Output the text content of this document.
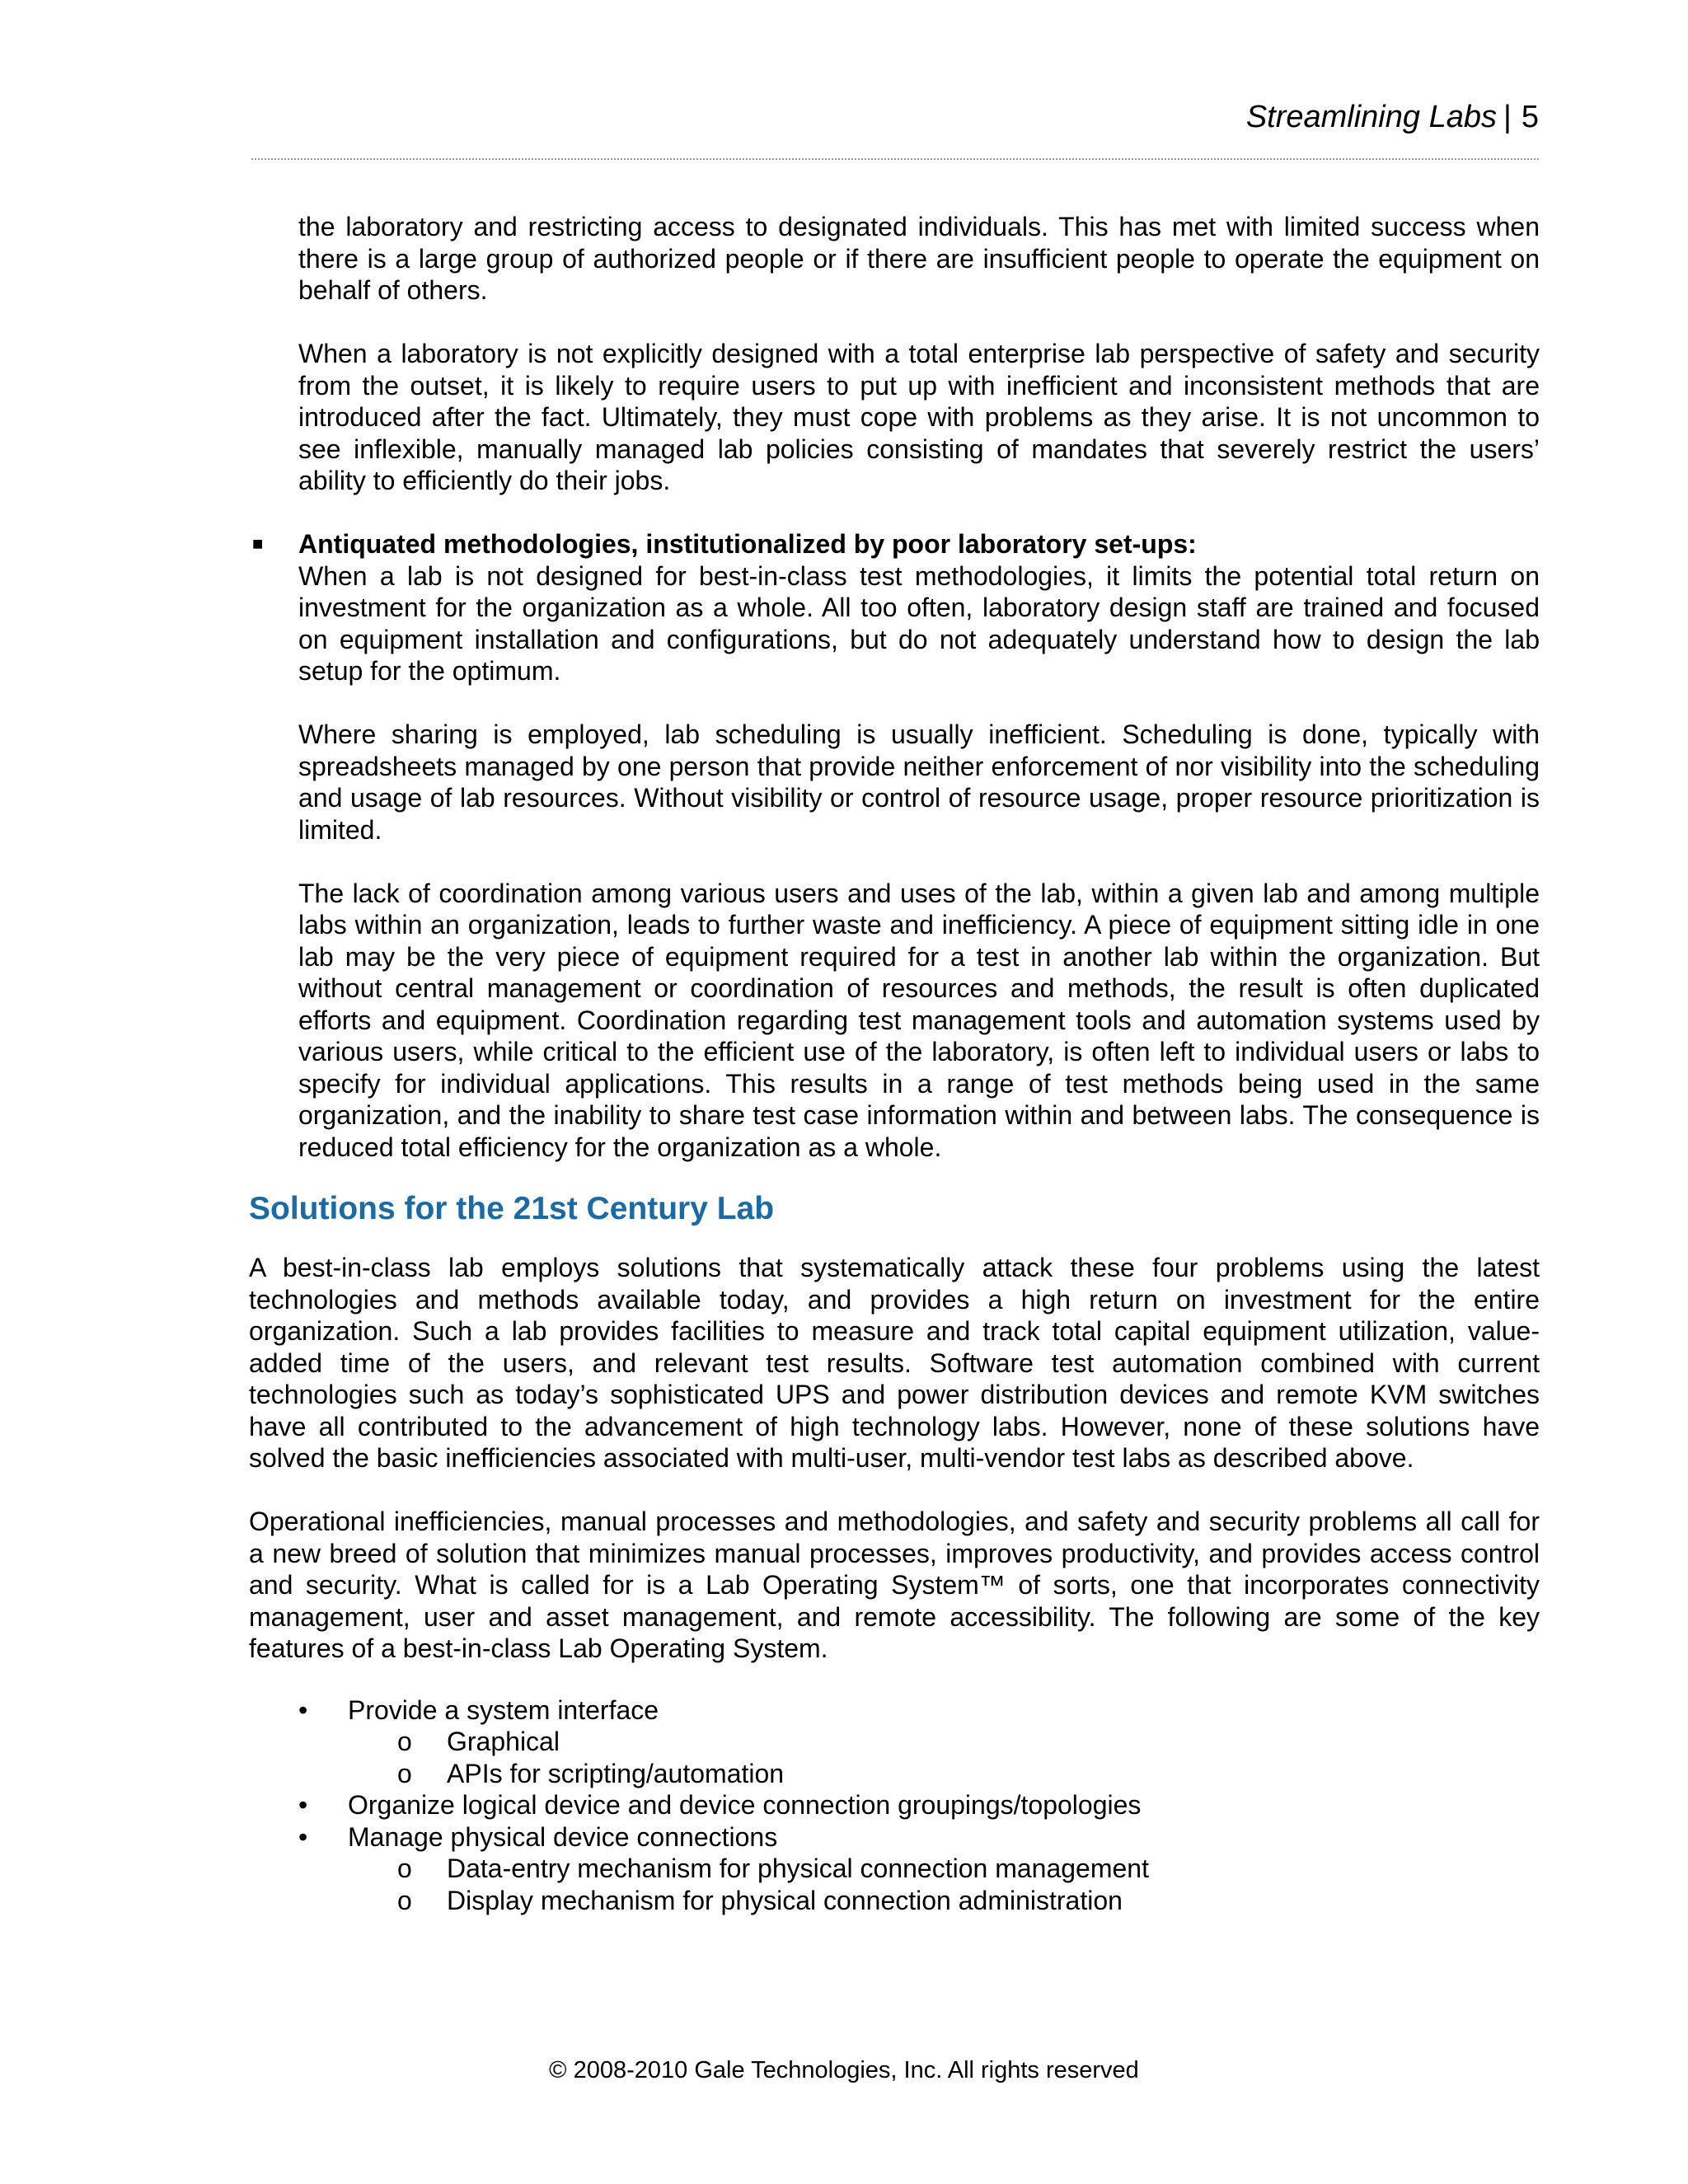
Streamlining Labs | 5

the laboratory and restricting access to designated individuals. This has met with limited success when there is a large group of authorized people or if there are insufficient people to operate the equipment on behalf of others.

When a laboratory is not explicitly designed with a total enterprise lab perspective of safety and security from the outset, it is likely to require users to put up with inefficient and inconsistent methods that are introduced after the fact. Ultimately, they must cope with problems as they arise. It is not uncommon to see inflexible, manually managed lab policies consisting of mandates that severely restrict the users’ ability to efficiently do their jobs.

■ Antiquated methodologies, institutionalized by poor laboratory set-ups:

When a lab is not designed for best-in-class test methodologies, it limits the potential total return on investment for the organization as a whole. All too often, laboratory design staff are trained and focused on equipment installation and configurations, but do not adequately understand how to design the lab setup for the optimum.

Where sharing is employed, lab scheduling is usually inefficient. Scheduling is done, typically with spreadsheets managed by one person that provide neither enforcement of nor visibility into the scheduling and usage of lab resources. Without visibility or control of resource usage, proper resource prioritization is limited.

The lack of coordination among various users and uses of the lab, within a given lab and among multiple labs within an organization, leads to further waste and inefficiency. A piece of equipment sitting idle in one lab may be the very piece of equipment required for a test in another lab within the organization. But without central management or coordination of resources and methods, the result is often duplicated efforts and equipment. Coordination regarding test management tools and automation systems used by various users, while critical to the efficient use of the laboratory, is often left to individual users or labs to specify for individual applications. This results in a range of test methods being used in the same organization, and the inability to share test case information within and between labs. The consequence is reduced total efficiency for the organization as a whole.

Solutions for the 21st Century Lab

A best-in-class lab employs solutions that systematically attack these four problems using the latest technologies and methods available today, and provides a high return on investment for the entire organization. Such a lab provides facilities to measure and track total capital equipment utilization, value-added time of the users, and relevant test results. Software test automation combined with current technologies such as today’s sophisticated UPS and power distribution devices and remote KVM switches have all contributed to the advancement of high technology labs. However, none of these solutions have solved the basic inefficiencies associated with multi-user, multi-vendor test labs as described above.

Operational inefficiencies, manual processes and methodologies, and safety and security problems all call for a new breed of solution that minimizes manual processes, improves productivity, and provides access control and security. What is called for is a Lab Operating System™ of sorts, one that incorporates connectivity management, user and asset management, and remote accessibility. The following are some of the key features of a best-in-class Lab Operating System.

• Provide a system interface
o Graphical
o APIs for scripting/automation
• Organize logical device and device connection groupings/topologies
• Manage physical device connections
o Data-entry mechanism for physical connection management
o Display mechanism for physical connection administration
© 2008-2010 Gale Technologies, Inc. All rights reserved
